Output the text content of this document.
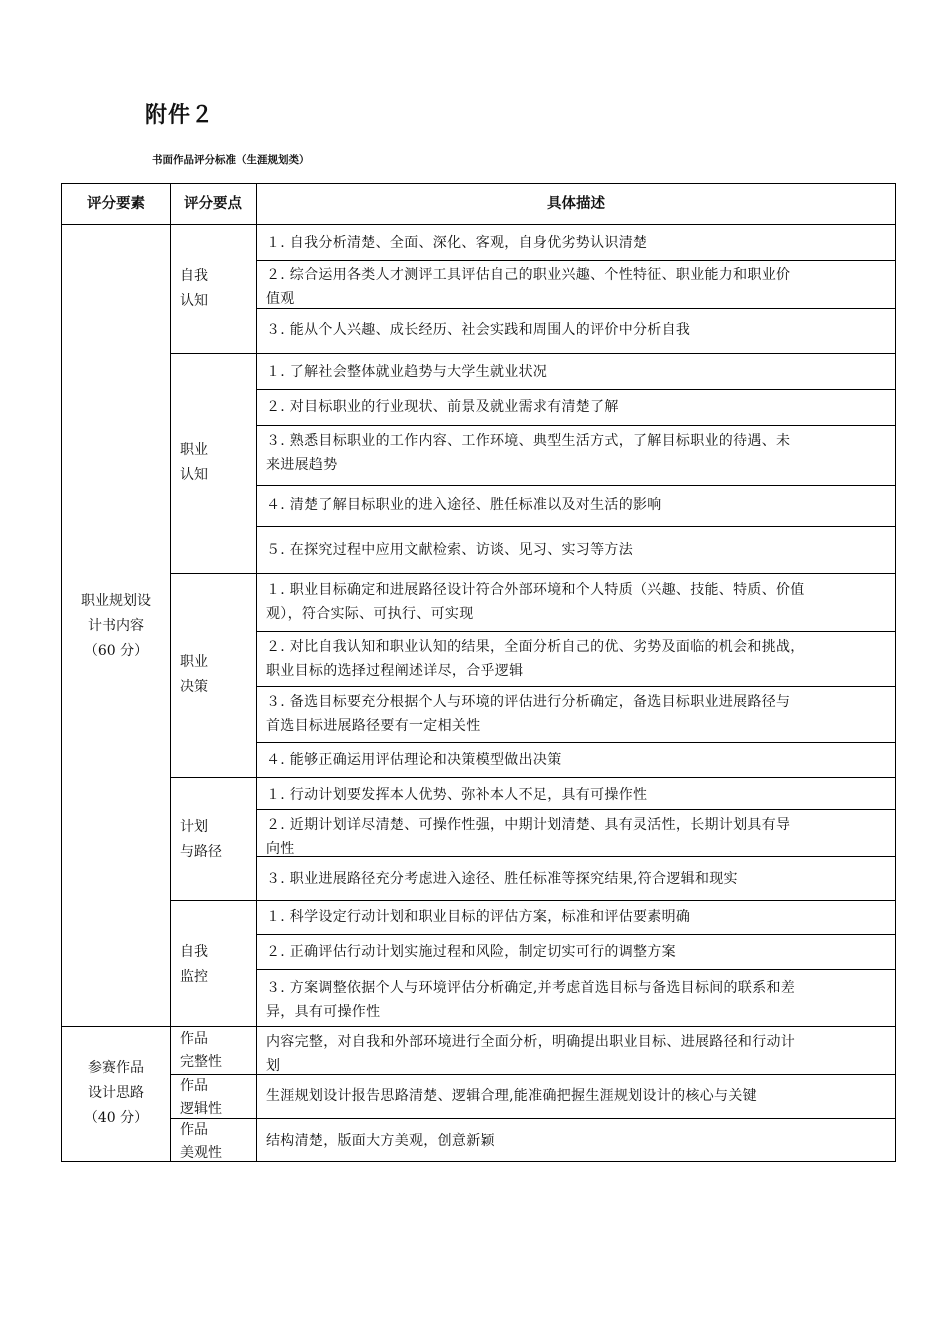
附件２
书面作品评分标准（生涯规划类）
评分要素	评分要点	具体描述
职业规划设
计书内容
（60 分）
自我
认知
职业
认知
职业
决策
计划
与路径
自我
监控
１. 自我分析清楚、全面、深化、客观，自身优劣势认识清楚
２. 综合运用各类人才测评工具评估自己的职业兴趣、个性特征、职业能力和职业价
值观
３. 能从个人兴趣、成长经历、社会实践和周围人的评价中分析自我
１. 了解社会整体就业趋势与大学生就业状况
２. 对目标职业的行业现状、前景及就业需求有清楚了解
３. 熟悉目标职业的工作内容、工作环境、典型生活方式，了解目标职业的待遇、未
来进展趋势
４. 清楚了解目标职业的进入途径、胜任标准以及对生活的影响
５. 在探究过程中应用文献检索、访谈、见习、实习等方法
１. 职业目标确定和进展路径设计符合外部环境和个人特质（兴趣、技能、特质、价值
观），符合实际、可执行、可实现
２. 对比自我认知和职业认知的结果，全面分析自己的优、劣势及面临的机会和挑战，
职业目标的选择过程阐述详尽，合乎逻辑
３. 备选目标要充分根据个人与环境的评估进行分析确定，备选目标职业进展路径与
首选目标进展路径要有一定相关性
４. 能够正确运用评估理论和决策模型做出决策
１. 行动计划要发挥本人优势、弥补本人不足，具有可操作性
２. 近期计划详尽清楚、可操作性强，中期计划清楚、具有灵活性，长期计划具有导
向性
３. 职业进展路径充分考虑进入途径、胜任标准等探究结果,符合逻辑和现实
１. 科学设定行动计划和职业目标的评估方案，标准和评估要素明确
２. 正确评估行动计划实施过程和风险，制定切实可行的调整方案
３. 方案调整依据个人与环境评估分析确定,并考虑首选目标与备选目标间的联系和差
异，具有可操作性
参赛作品
设计思路
（40 分）
作品
完整性
内容完整，对自我和外部环境进行全面分析，明确提出职业目标、进展路径和行动计
划
作品
逻辑性
生涯规划设计报告思路清楚、逻辑合理,能准确把握生涯规划设计的核心与关键
作品
美观性
结构清楚，版面大方美观，创意新颖
